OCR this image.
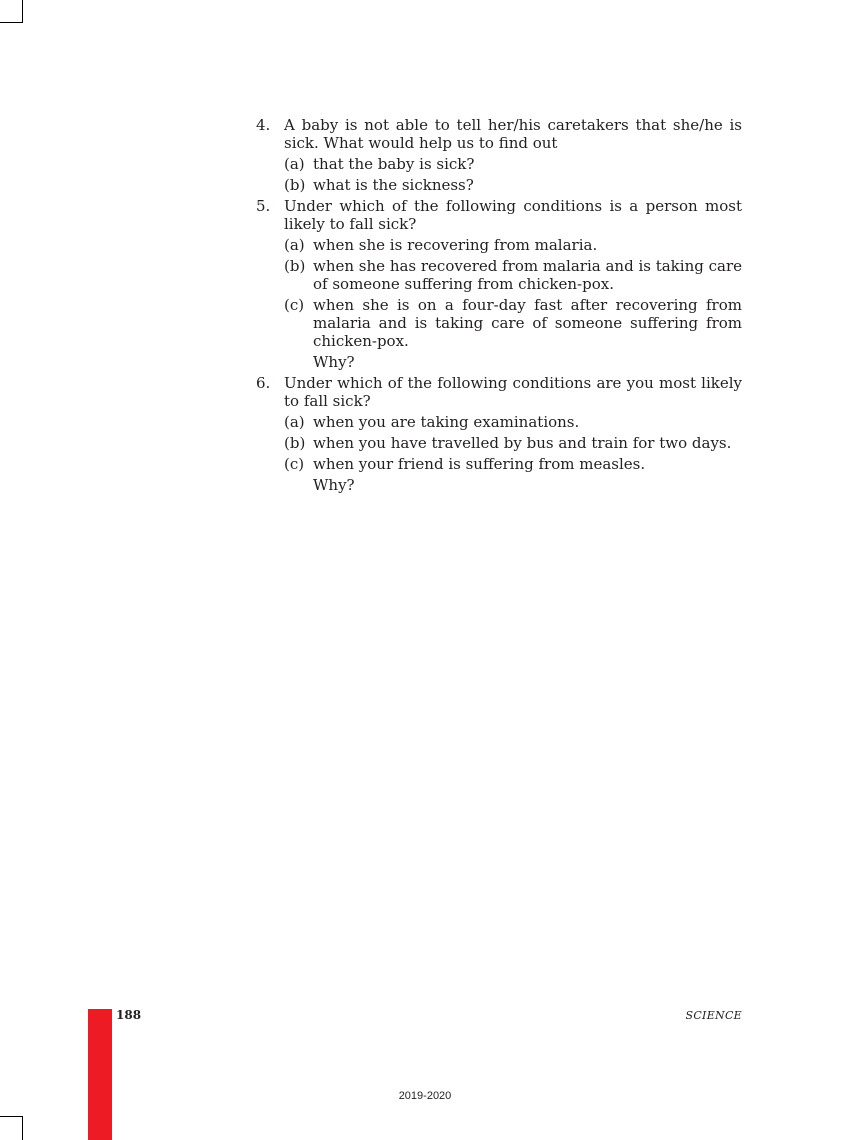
4. A baby is not able to tell her/his caretakers that she/he is sick. What would help us to find out
(a) that the baby is sick?
(b) what is the sickness?
5. Under which of the following conditions is a person most likely to fall sick?
(a) when she is recovering from malaria.
(b) when she has recovered from malaria and is taking care of someone suffering from chicken-pox.
(c) when she is on a four-day fast after recovering from malaria and is taking care of someone suffering from chicken-pox.
Why?
6. Under which of the following conditions are you most likely to fall sick?
(a) when you are taking examinations.
(b) when you have travelled by bus and train for two days.
(c) when your friend is suffering from measles.
Why?
188	SCIENCE
2019-2020
